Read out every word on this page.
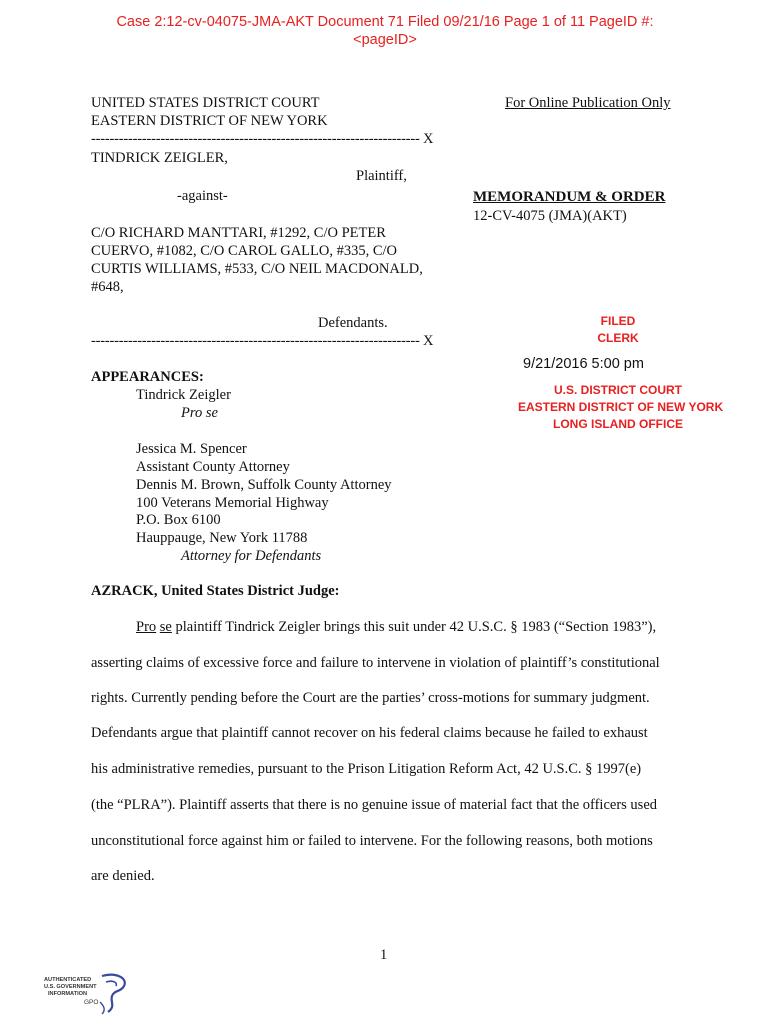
Case 2:12-cv-04075-JMA-AKT Document 71 Filed 09/21/16 Page 1 of 11 PageID #:
<pageID>
UNITED STATES DISTRICT COURT
EASTERN DISTRICT OF NEW YORK
For Online Publication Only
----------------------------------------------------------------------- X
TINDRICK ZEIGLER,
Plaintiff,
-against-	MEMORANDUM & ORDER
12-CV-4075 (JMA)(AKT)
C/O RICHARD MANTTARI, #1292, C/O PETER
CUERVO, #1082, C/O CAROL GALLO, #335, C/O
CURTIS WILLIAMS, #533, C/O NEIL MACDONALD,
#648,
Defendants.
----------------------------------------------------------------------- X
FILED
CLERK
9/21/2016 5:00 pm
U.S. DISTRICT COURT
EASTERN DISTRICT OF NEW YORK
LONG ISLAND OFFICE
APPEARANCES:
Tindrick Zeigler
Pro se
Jessica M. Spencer
Assistant County Attorney
Dennis M. Brown, Suffolk County Attorney
100 Veterans Memorial Highway
P.O. Box 6100
Hauppauge, New York 11788
Attorney for Defendants
AZRACK, United States District Judge:
Pro se plaintiff Tindrick Zeigler brings this suit under 42 U.S.C. § 1983 (“Section 1983”),
asserting claims of excessive force and failure to intervene in violation of plaintiff’s constitutional
rights. Currently pending before the Court are the parties’ cross-motions for summary judgment.
Defendants argue that plaintiff cannot recover on his federal claims because he failed to exhaust
his administrative remedies, pursuant to the Prison Litigation Reform Act, 42 U.S.C. § 1997(e)
(the “PLRA”). Plaintiff asserts that there is no genuine issue of material fact that the officers used
unconstitutional force against him or failed to intervene. For the following reasons, both motions
are denied.
1
AUTHENTICATED
U.S. GOVERNMENT
INFORMATION
GPO
